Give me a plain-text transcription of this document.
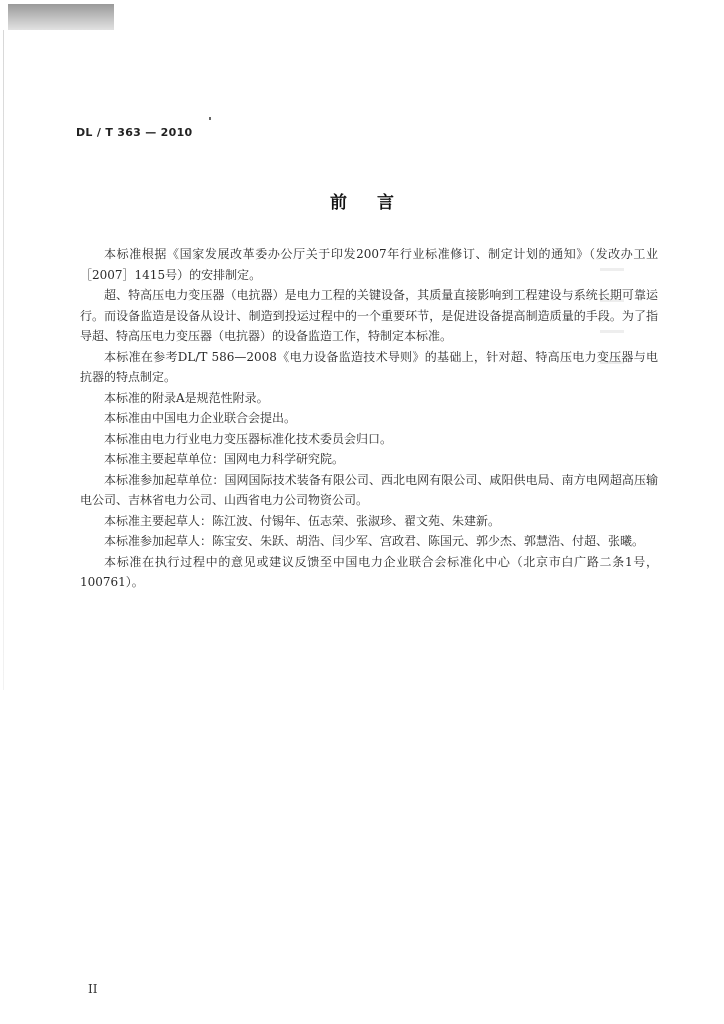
DL / T 363 — 2010
前言

本标准根据《国家发展改革委办公厅关于印发2007年行业标准修订、制定计划的通知》（发改办工业［2007］1415号）的安排制定。

超、特高压电力变压器（电抗器）是电力工程的关键设备，其质量直接影响到工程建设与系统长期可靠运行。而设备监造是设备从设计、制造到投运过程中的一个重要环节，是促进设备提高制造质量的手段。为了指导超、特高压电力变压器（电抗器）的设备监造工作，特制定本标准。

本标准在参考DL/T 586—2008《电力设备监造技术导则》的基础上，针对超、特高压电力变压器与电抗器的特点制定。

本标准的附录A是规范性附录。

本标准由中国电力企业联合会提出。

本标准由电力行业电力变压器标准化技术委员会归口。

本标准主要起草单位：国网电力科学研究院。

本标准参加起草单位：国网国际技术装备有限公司、西北电网有限公司、咸阳供电局、南方电网超高压输电公司、吉林省电力公司、山西省电力公司物资公司。

本标准主要起草人：陈江波、付锡年、伍志荣、张淑珍、翟文苑、朱建新。

本标准参加起草人：陈宝安、朱跃、胡浩、闫少军、宫政君、陈国元、郭少杰、郭慧浩、付超、张曦。

本标准在执行过程中的意见或建议反馈至中国电力企业联合会标准化中心（北京市白广路二条1号，100761）。

II
